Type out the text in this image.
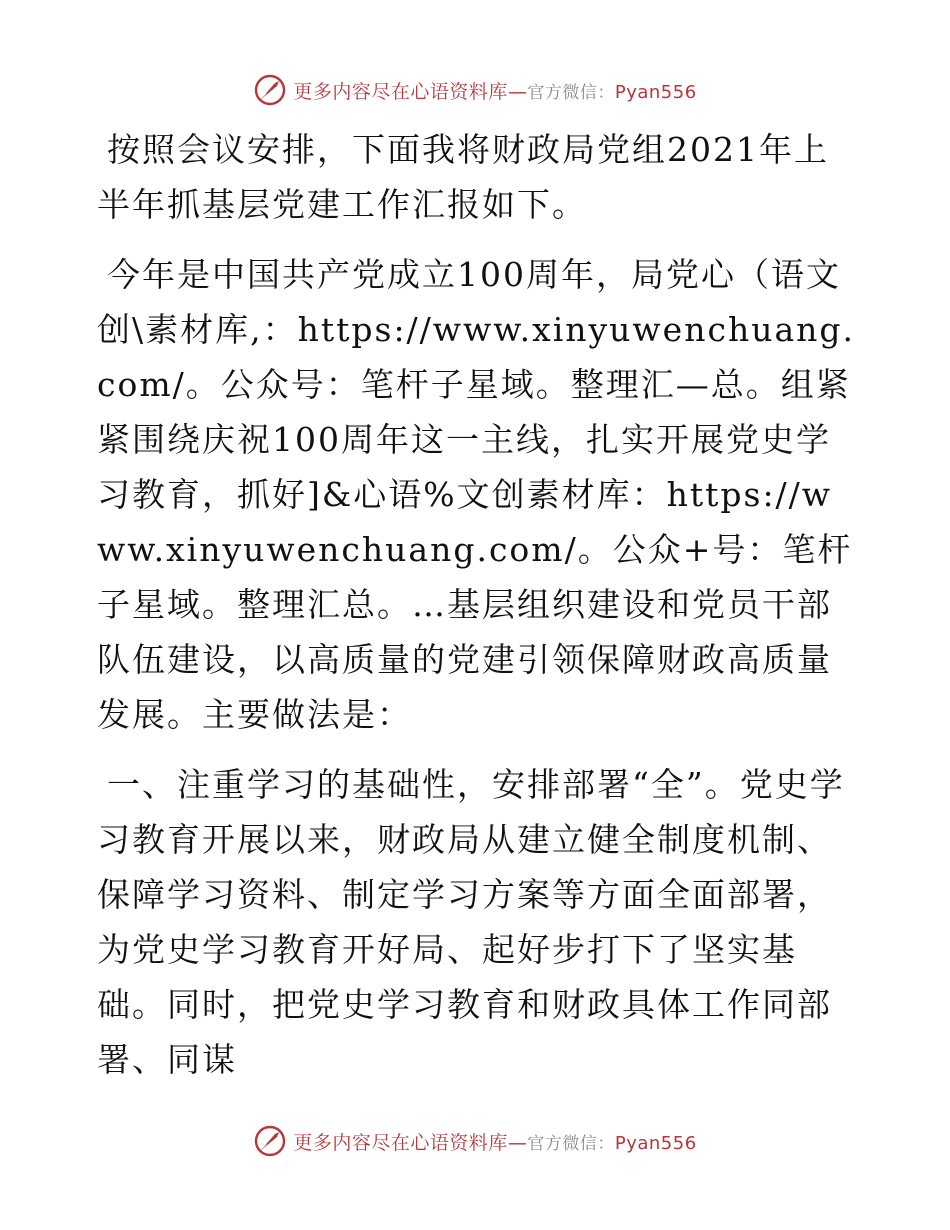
更多内容尽在心语资料库—官方微信：Pyan556

按照会议安排，下面我将财政局党组2021年上半年抓基层党建工作汇报如下。

今年是中国共产党成立100周年，局党心（语文创\素材库,：https://www.xinyuwenchuang.com/。公众号：笔杆子星域。整理汇—总。组紧紧围绕庆祝100周年这一主线，扎实开展党史学习教育，抓好]&心语%文创素材库：https://www.xinyuwenchuang.com/。公众+号：笔杆子星域。整理汇总。…基层组织建设和党员干部队伍建设，以高质量的党建引领保障财政高质量发展。主要做法是：

一、注重学习的基础性，安排部署“全”。党史学习教育开展以来，财政局从建立健全制度机制、保障学习资料、制定学习方案等方面全面部署，为党史学习教育开好局、起好步打下了坚实基础。同时，把党史学习教育和财政具体工作同部署、同谋

更多内容尽在心语资料库—官方微信：Pyan556
